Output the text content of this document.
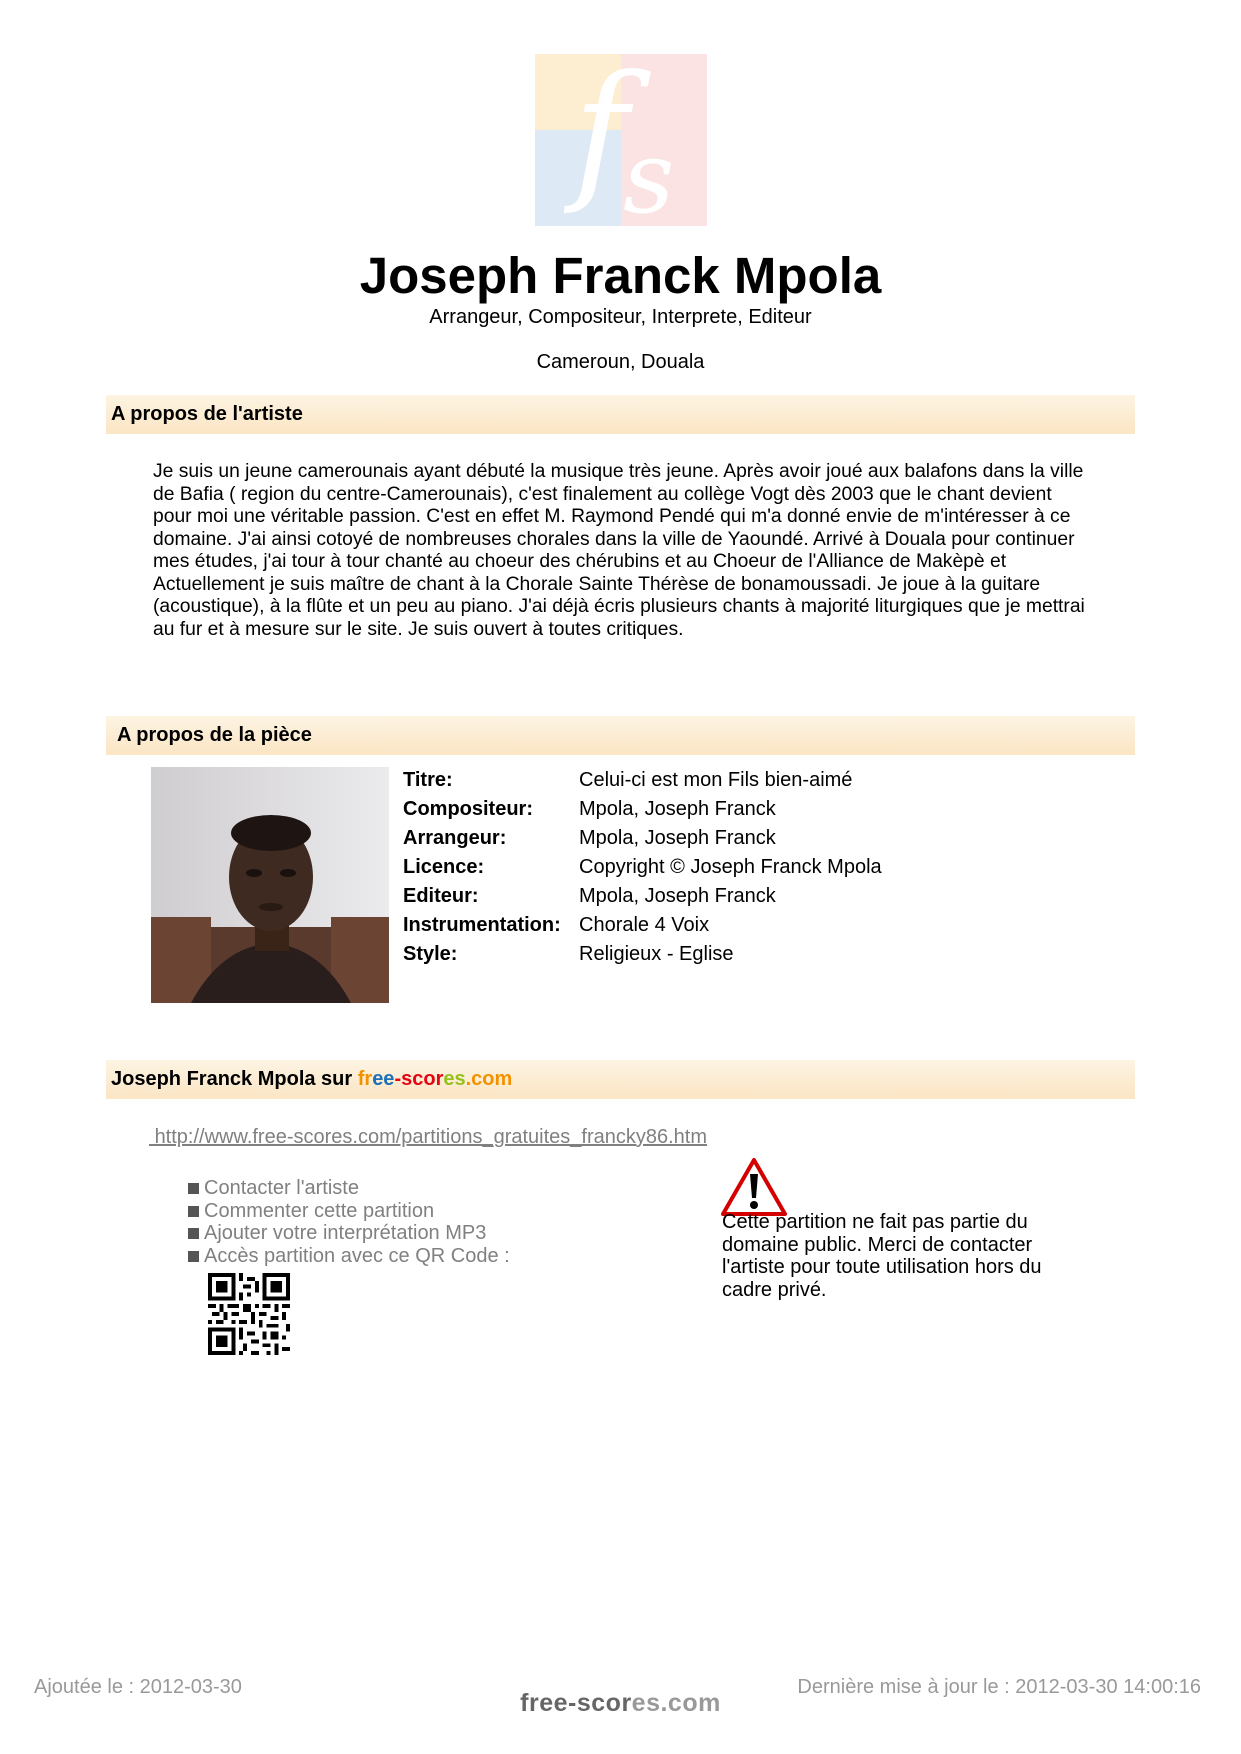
f
s
Joseph Franck Mpola
Arrangeur, Compositeur, Interprete, Editeur
Cameroun, Douala
A propos de l'artiste
Je suis un jeune camerounais ayant débuté la musique très jeune. Après avoir joué aux balafons dans la ville de Bafia ( region du centre-Camerounais), c'est finalement au collège Vogt dès 2003 que le chant devient pour moi une véritable passion. C'est en effet M. Raymond Pendé qui m'a donné envie de m'intéresser à ce domaine. J'ai ainsi cotoyé de nombreuses chorales dans la ville de Yaoundé. Arrivé à Douala pour continuer mes études, j'ai tour à tour chanté au choeur des chérubins et au Choeur de l'Alliance de Makèpè et Actuellement je suis maître de chant à la Chorale Sainte Thérèse de bonamoussadi. Je joue à la guitare (acoustique), à la flûte et un peu au piano. J'ai déjà écris plusieurs chants à majorité liturgiques que je mettrai au fur et à mesure sur le site. Je suis ouvert à toutes critiques.
A propos de la pièce
Titre:	Celui-ci est mon Fils bien-aimé
Compositeur:	Mpola, Joseph Franck
Arrangeur:	Mpola, Joseph Franck
Licence:	Copyright © Joseph Franck Mpola
Editeur:	Mpola, Joseph Franck
Instrumentation: Chorale 4 Voix
Style:	Religieux - Eglise
Joseph Franck Mpola sur free-scores.com
http://www.free-scores.com/partitions_gratuites_francky86.htm
Contacter l'artiste
Commenter cette partition
Ajouter votre interprétation MP3
Accès partition avec ce QR Code :
Cette partition ne fait pas partie du domaine public. Merci de contacter l'artiste pour toute utilisation hors du cadre privé.
Ajoutée le : 2012-03-30	Dernière mise à jour le : 2012-03-30 14:00:16
free-scores.com
